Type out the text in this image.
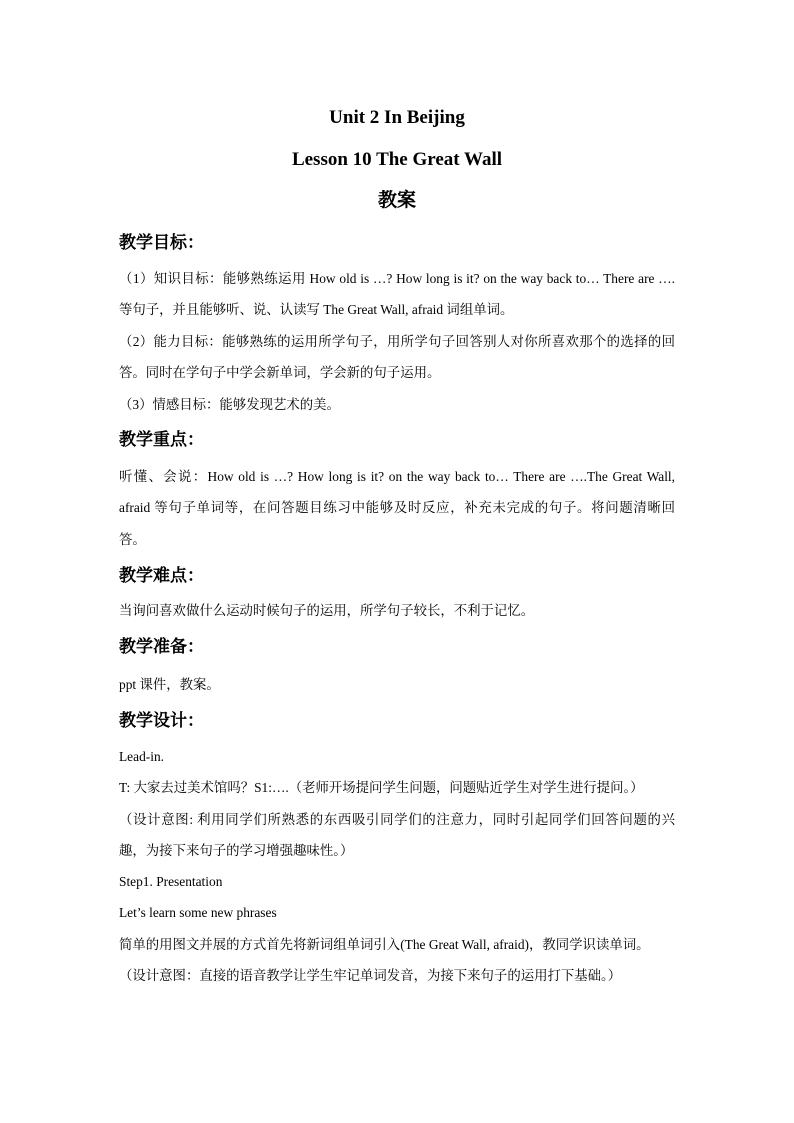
Unit 2 In Beijing
Lesson 10 The Great Wall
教案
教学目标：
（1）知识目标：能够熟练运用 How old is …? How long is it? on the way back to… There are …. 等句子，并且能够听、说、认读写 The Great Wall, afraid 词组单词。
（2）能力目标：能够熟练的运用所学句子，用所学句子回答别人对你所喜欢那个的选择的回答。同时在学句子中学会新单词，学会新的句子运用。
（3）情感目标：能够发现艺术的美。
教学重点：
听懂、会说：How old is …? How long is it? on the way back to… There are ….The Great Wall, afraid 等句子单词等，在问答题目练习中能够及时反应，补充未完成的句子。将问题清晰回答。
教学难点：
当询问喜欢做什么运动时候句子的运用，所学句子较长，不利于记忆。
教学准备：
ppt 课件，教案。
教学设计：
Lead-in.
T: 大家去过美术馆吗？S1:….（老师开场提问学生问题，问题贴近学生对学生进行提问。）
（设计意图: 利用同学们所熟悉的东西吸引同学们的注意力，同时引起同学们回答问题的兴趣，为接下来句子的学习增强趣味性。）
Step1. Presentation
Let’s learn some new phrases
简单的用图文并展的方式首先将新词组单词引入(The Great Wall, afraid)，教同学识读单词。
（设计意图：直接的语音教学让学生牢记单词发音，为接下来句子的运用打下基础。）
